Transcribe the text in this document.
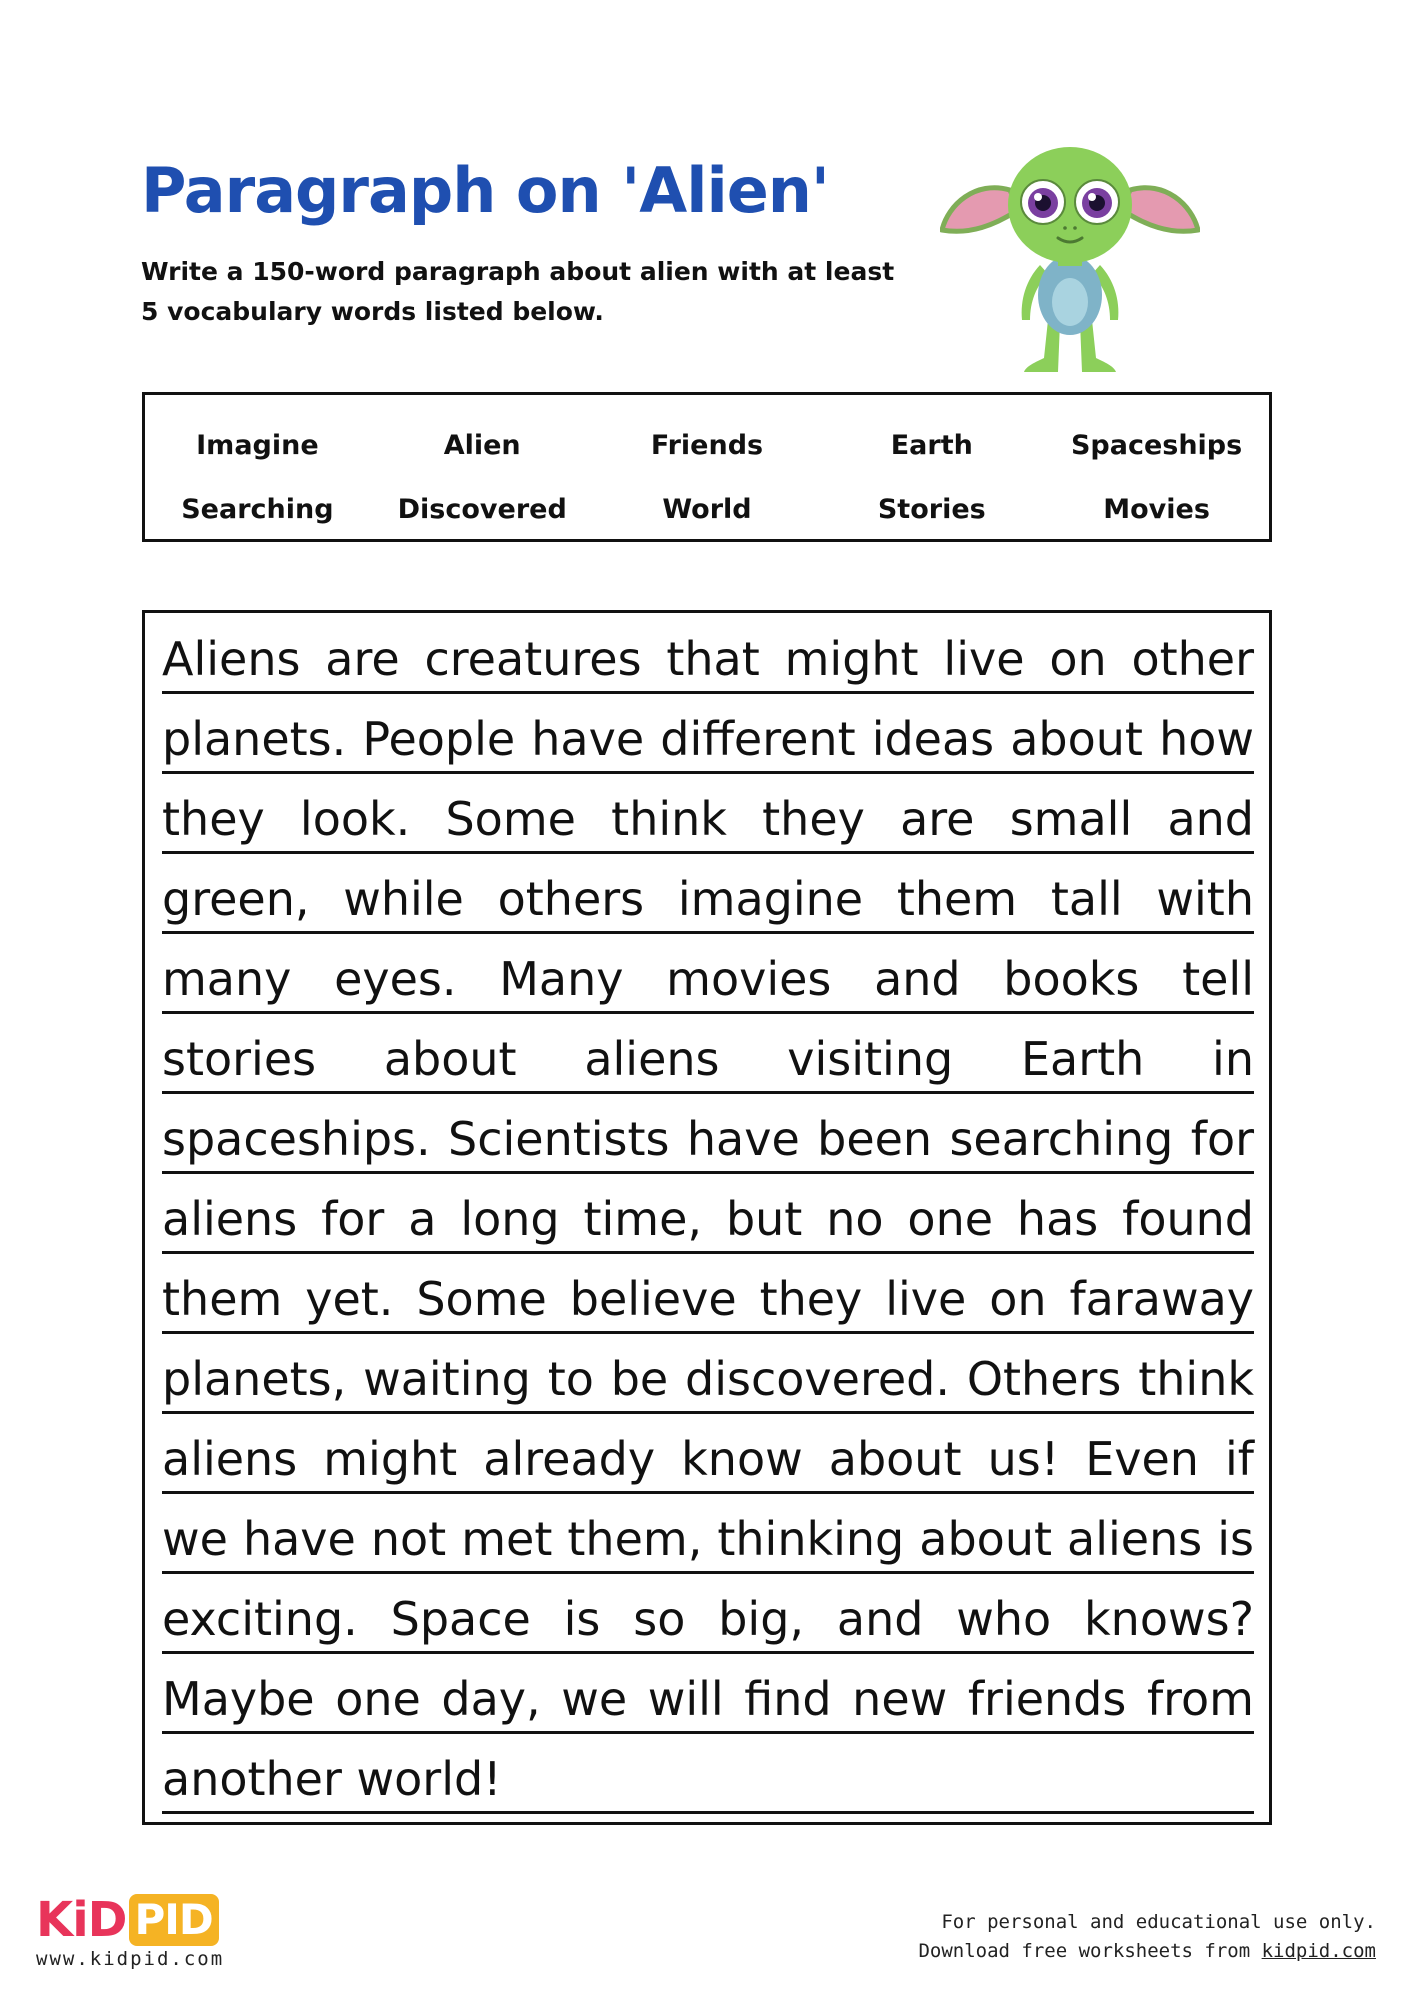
Paragraph on 'Alien'
Write a 150-word paragraph about alien with at least
5 vocabulary words listed below.
Imagine	Alien	Friends	Earth	Spaceships
Searching	Discovered	World	Stories	Movies

Aliens are creatures that might live on other planets. People have different ideas about how they look. Some think they are small and green, while others imagine them tall with many eyes. Many movies and books tell stories about aliens visiting Earth in spaceships. Scientists have been searching for aliens for a long time, but no one has found them yet. Some believe they live on faraway planets, waiting to be discovered. Others think aliens might already know about us! Even if we have not met them, thinking about aliens is exciting. Space is so big, and who knows? Maybe one day, we will find new friends from another world!

KiD PID
www.kidpid.com
For personal and educational use only.
Download free worksheets from kidpid.com
